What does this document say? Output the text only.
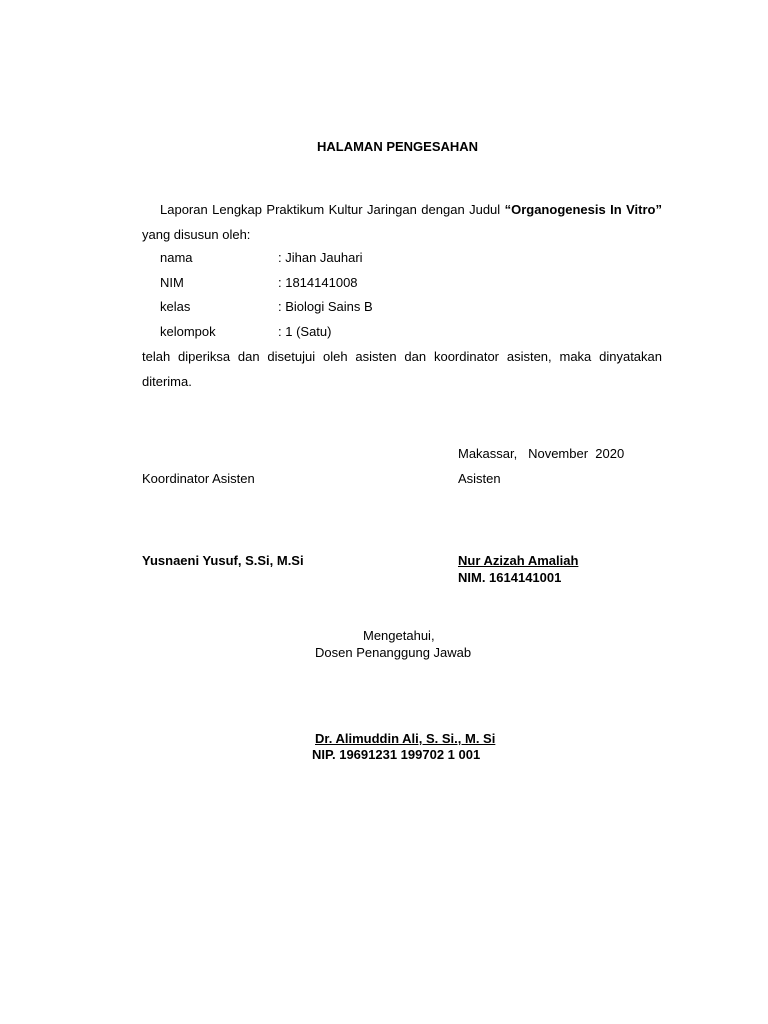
HALAMAN PENGESAHAN
Laporan Lengkap Praktikum Kultur Jaringan dengan Judul “Organogenesis In Vitro” yang disusun oleh:
nama	: Jihan Jauhari
NIM	: 1814141008
kelas	: Biologi Sains B
kelompok	: 1 (Satu)
telah diperiksa dan disetujui oleh asisten dan koordinator asisten, maka dinyatakan diterima.
Makassar,   November  2020
Koordinator Asisten	Asisten
Yusnaeni Yusuf, S.Si, M.Si	Nur Azizah Amaliah
NIM. 1614141001
Mengetahui,
Dosen Penanggung Jawab
Dr. Alimuddin Ali, S. Si., M. Si
NIP. 19691231 199702 1 001
